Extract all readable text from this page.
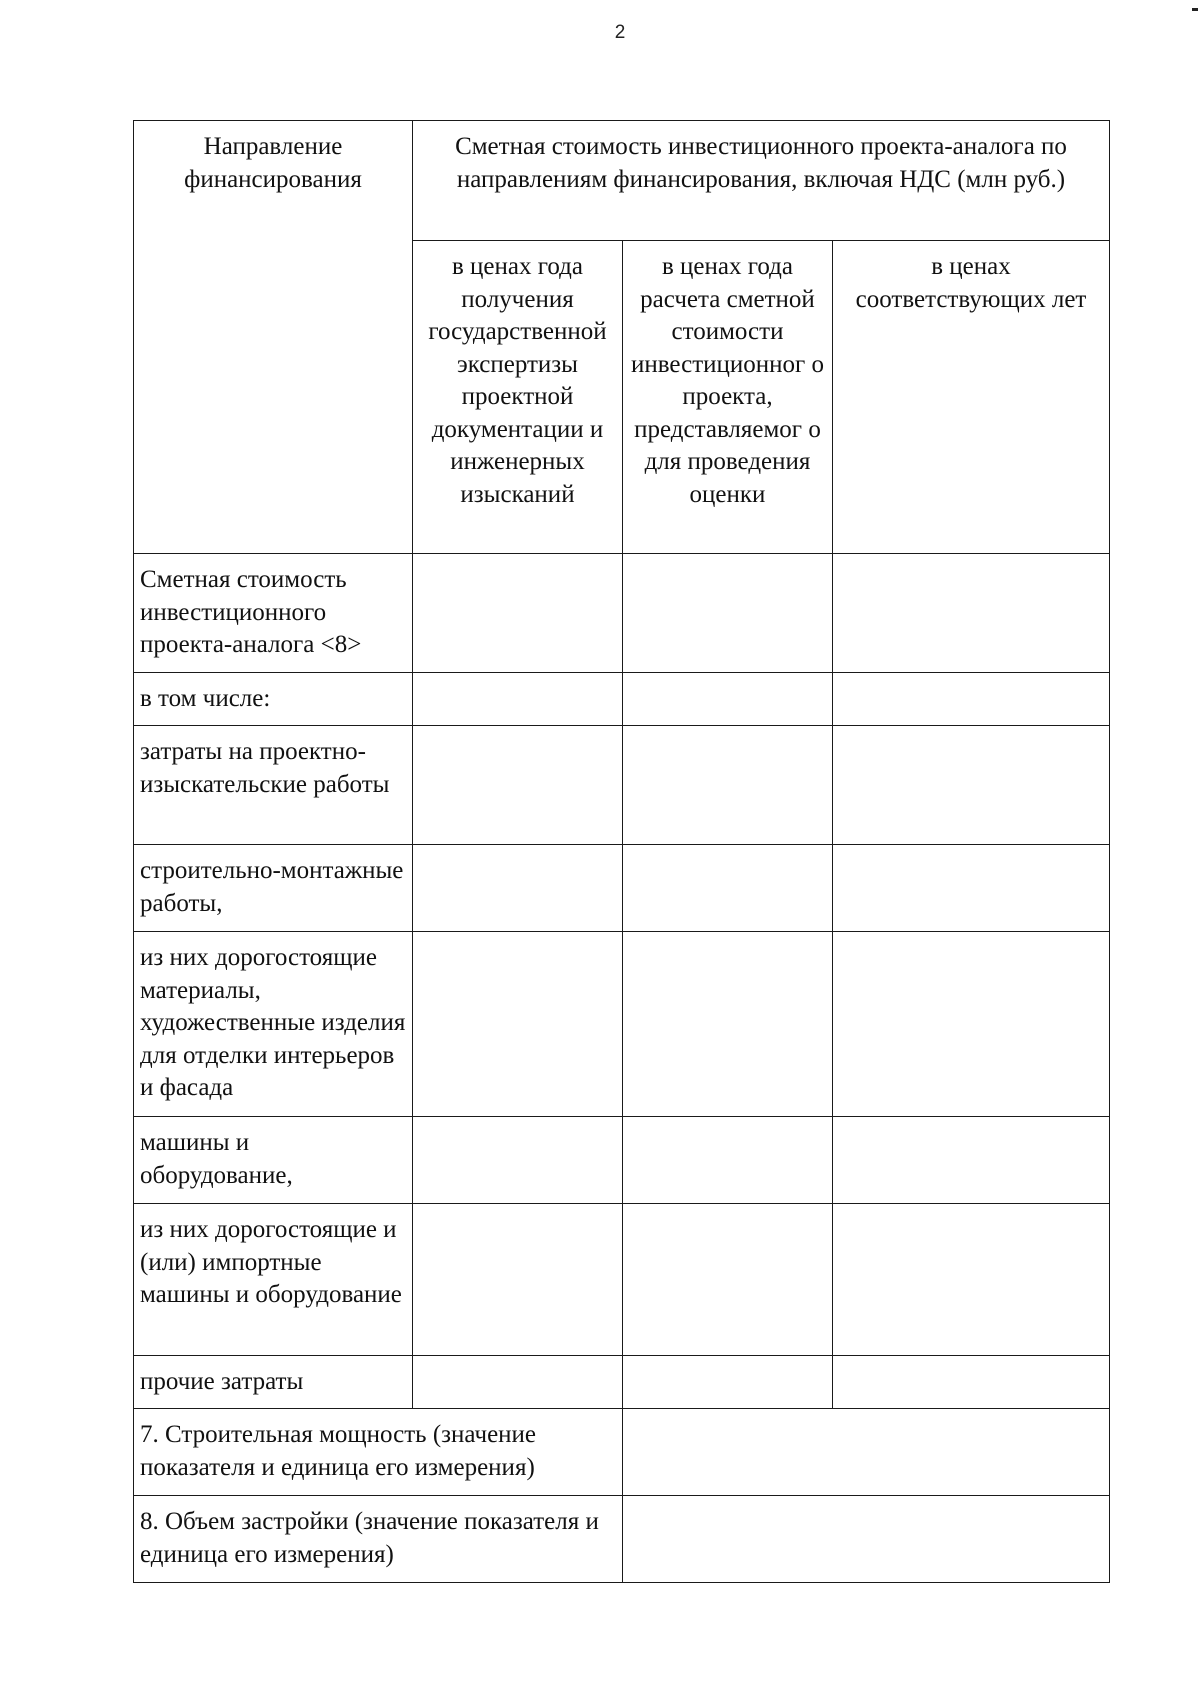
2
Направление финансирования	Сметная стоимость инвестиционного проекта-аналога по направлениям финансирования, включая НДС (млн руб.)		
	в ценах года получения государственной экспертизы проектной документации и инженерных изысканий	в ценах года расчета сметной стоимости инвестиционног о проекта, представляемог о для проведения оценки	в ценах соответствующих лет
Сметная стоимость инвестиционного проекта-аналога <8>			
в том числе:			
затраты на проектно-изыскательские работы			
строительно-монтажные работы,			
из них дорогостоящие материалы, художественные изделия для отделки интерьеров и фасада			
машины и оборудование,			
из них дорогостоящие и (или) импортные машины и оборудование			
прочие затраты			
7. Строительная мощность (значение показателя и единица его измерения)			
8. Объем застройки (значение показателя и единица его измерения)			
